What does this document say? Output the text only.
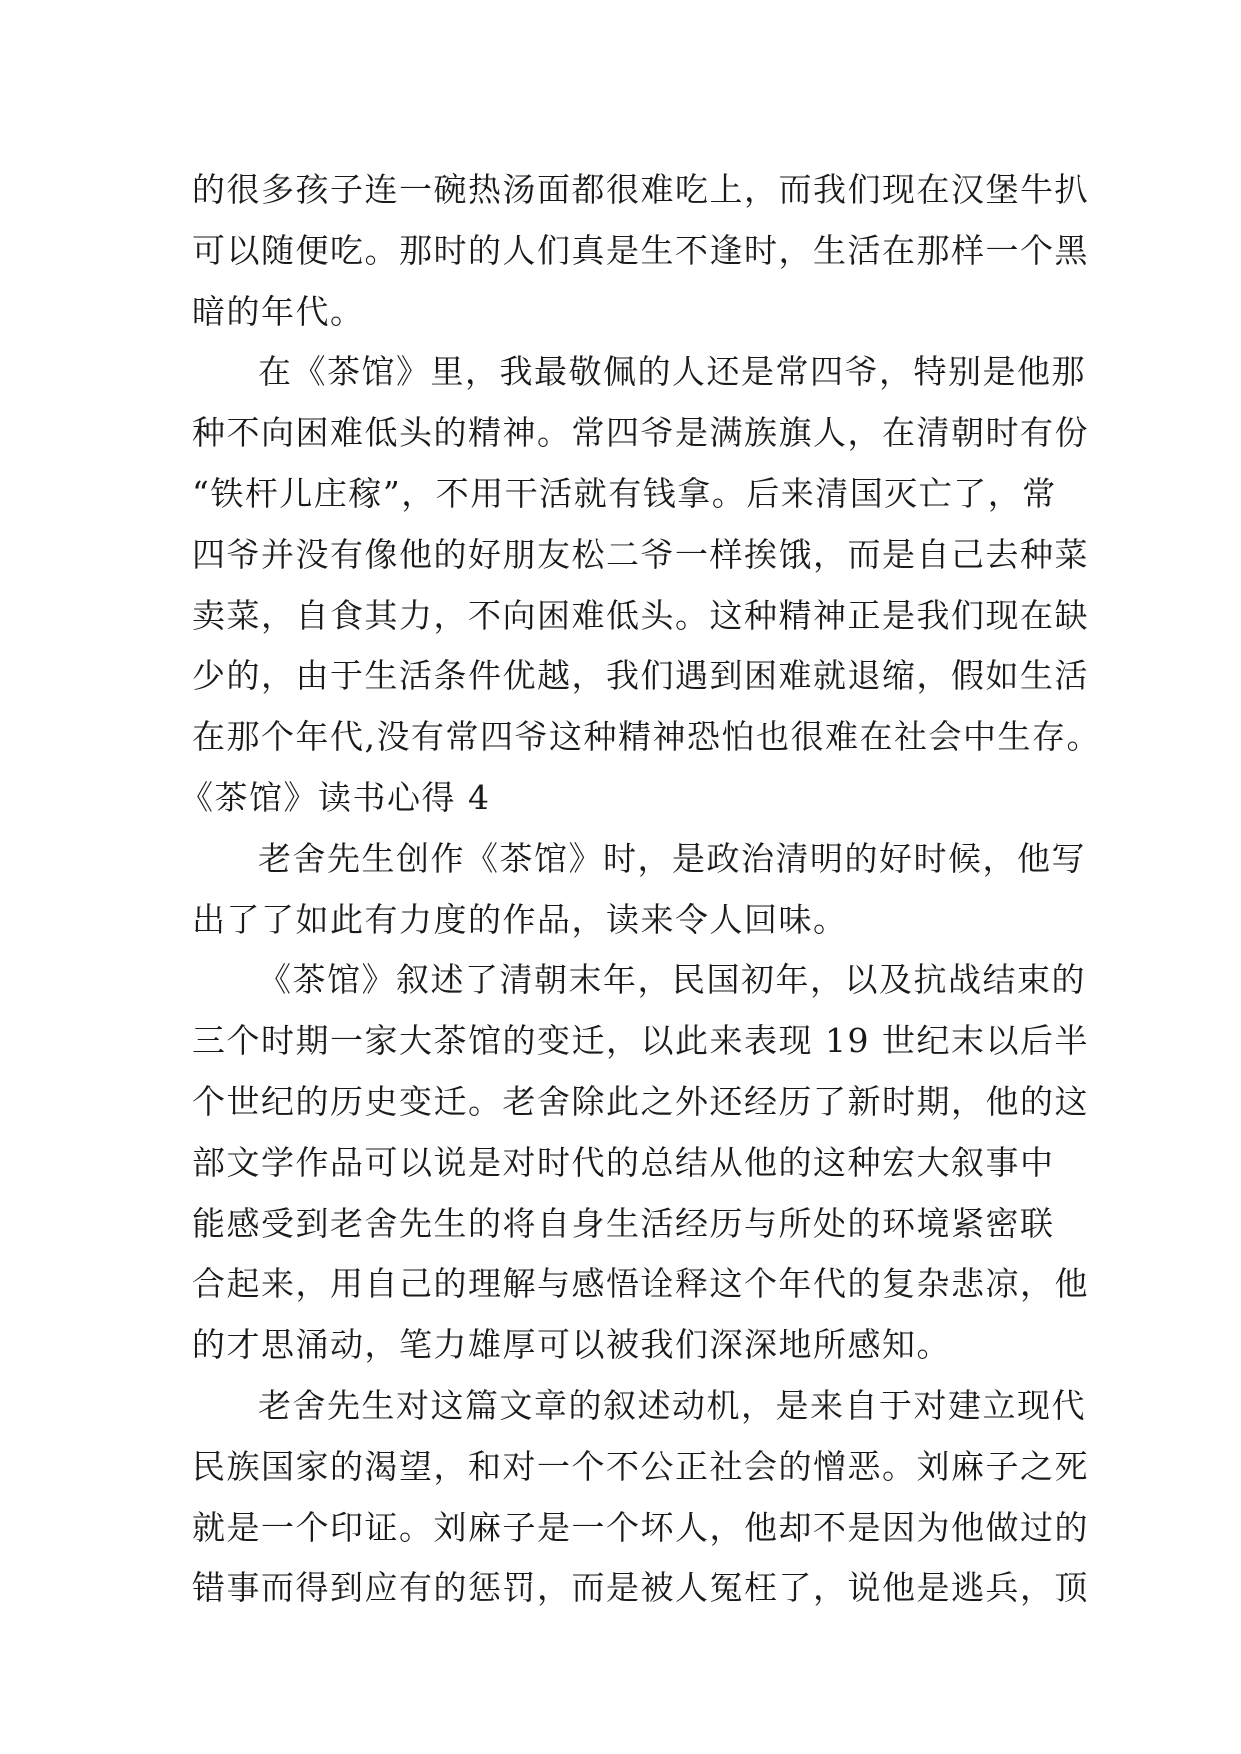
的很多孩子连一碗热汤面都很难吃上，而我们现在汉堡牛扒
可以随便吃。那时的人们真是生不逢时，生活在那样一个黑
暗的年代。
在《茶馆》里，我最敬佩的人还是常四爷，特别是他那
种不向困难低头的精神。常四爷是满族旗人，在清朝时有份
“铁杆儿庄稼”，不用干活就有钱拿。后来清国灭亡了，常
四爷并没有像他的好朋友松二爷一样挨饿，而是自己去种菜
卖菜，自食其力，不向困难低头。这种精神正是我们现在缺
少的，由于生活条件优越，我们遇到困难就退缩，假如生活
在那个年代,没有常四爷这种精神恐怕也很难在社会中生存。
《茶馆》读书心得 4
老舍先生创作《茶馆》时，是政治清明的好时候，他写
出了了如此有力度的作品，读来令人回味。
《茶馆》叙述了清朝末年，民国初年，以及抗战结束的
三个时期一家大茶馆的变迁，以此来表现 19 世纪末以后半
个世纪的历史变迁。老舍除此之外还经历了新时期，他的这
部文学作品可以说是对时代的总结从他的这种宏大叙事中
能感受到老舍先生的将自身生活经历与所处的环境紧密联
合起来，用自己的理解与感悟诠释这个年代的复杂悲凉，他
的才思涌动，笔力雄厚可以被我们深深地所感知。
老舍先生对这篇文章的叙述动机，是来自于对建立现代
民族国家的渴望，和对一个不公正社会的憎恶。刘麻子之死
就是一个印证。刘麻子是一个坏人，他却不是因为他做过的
错事而得到应有的惩罚，而是被人冤枉了，说他是逃兵，顶
